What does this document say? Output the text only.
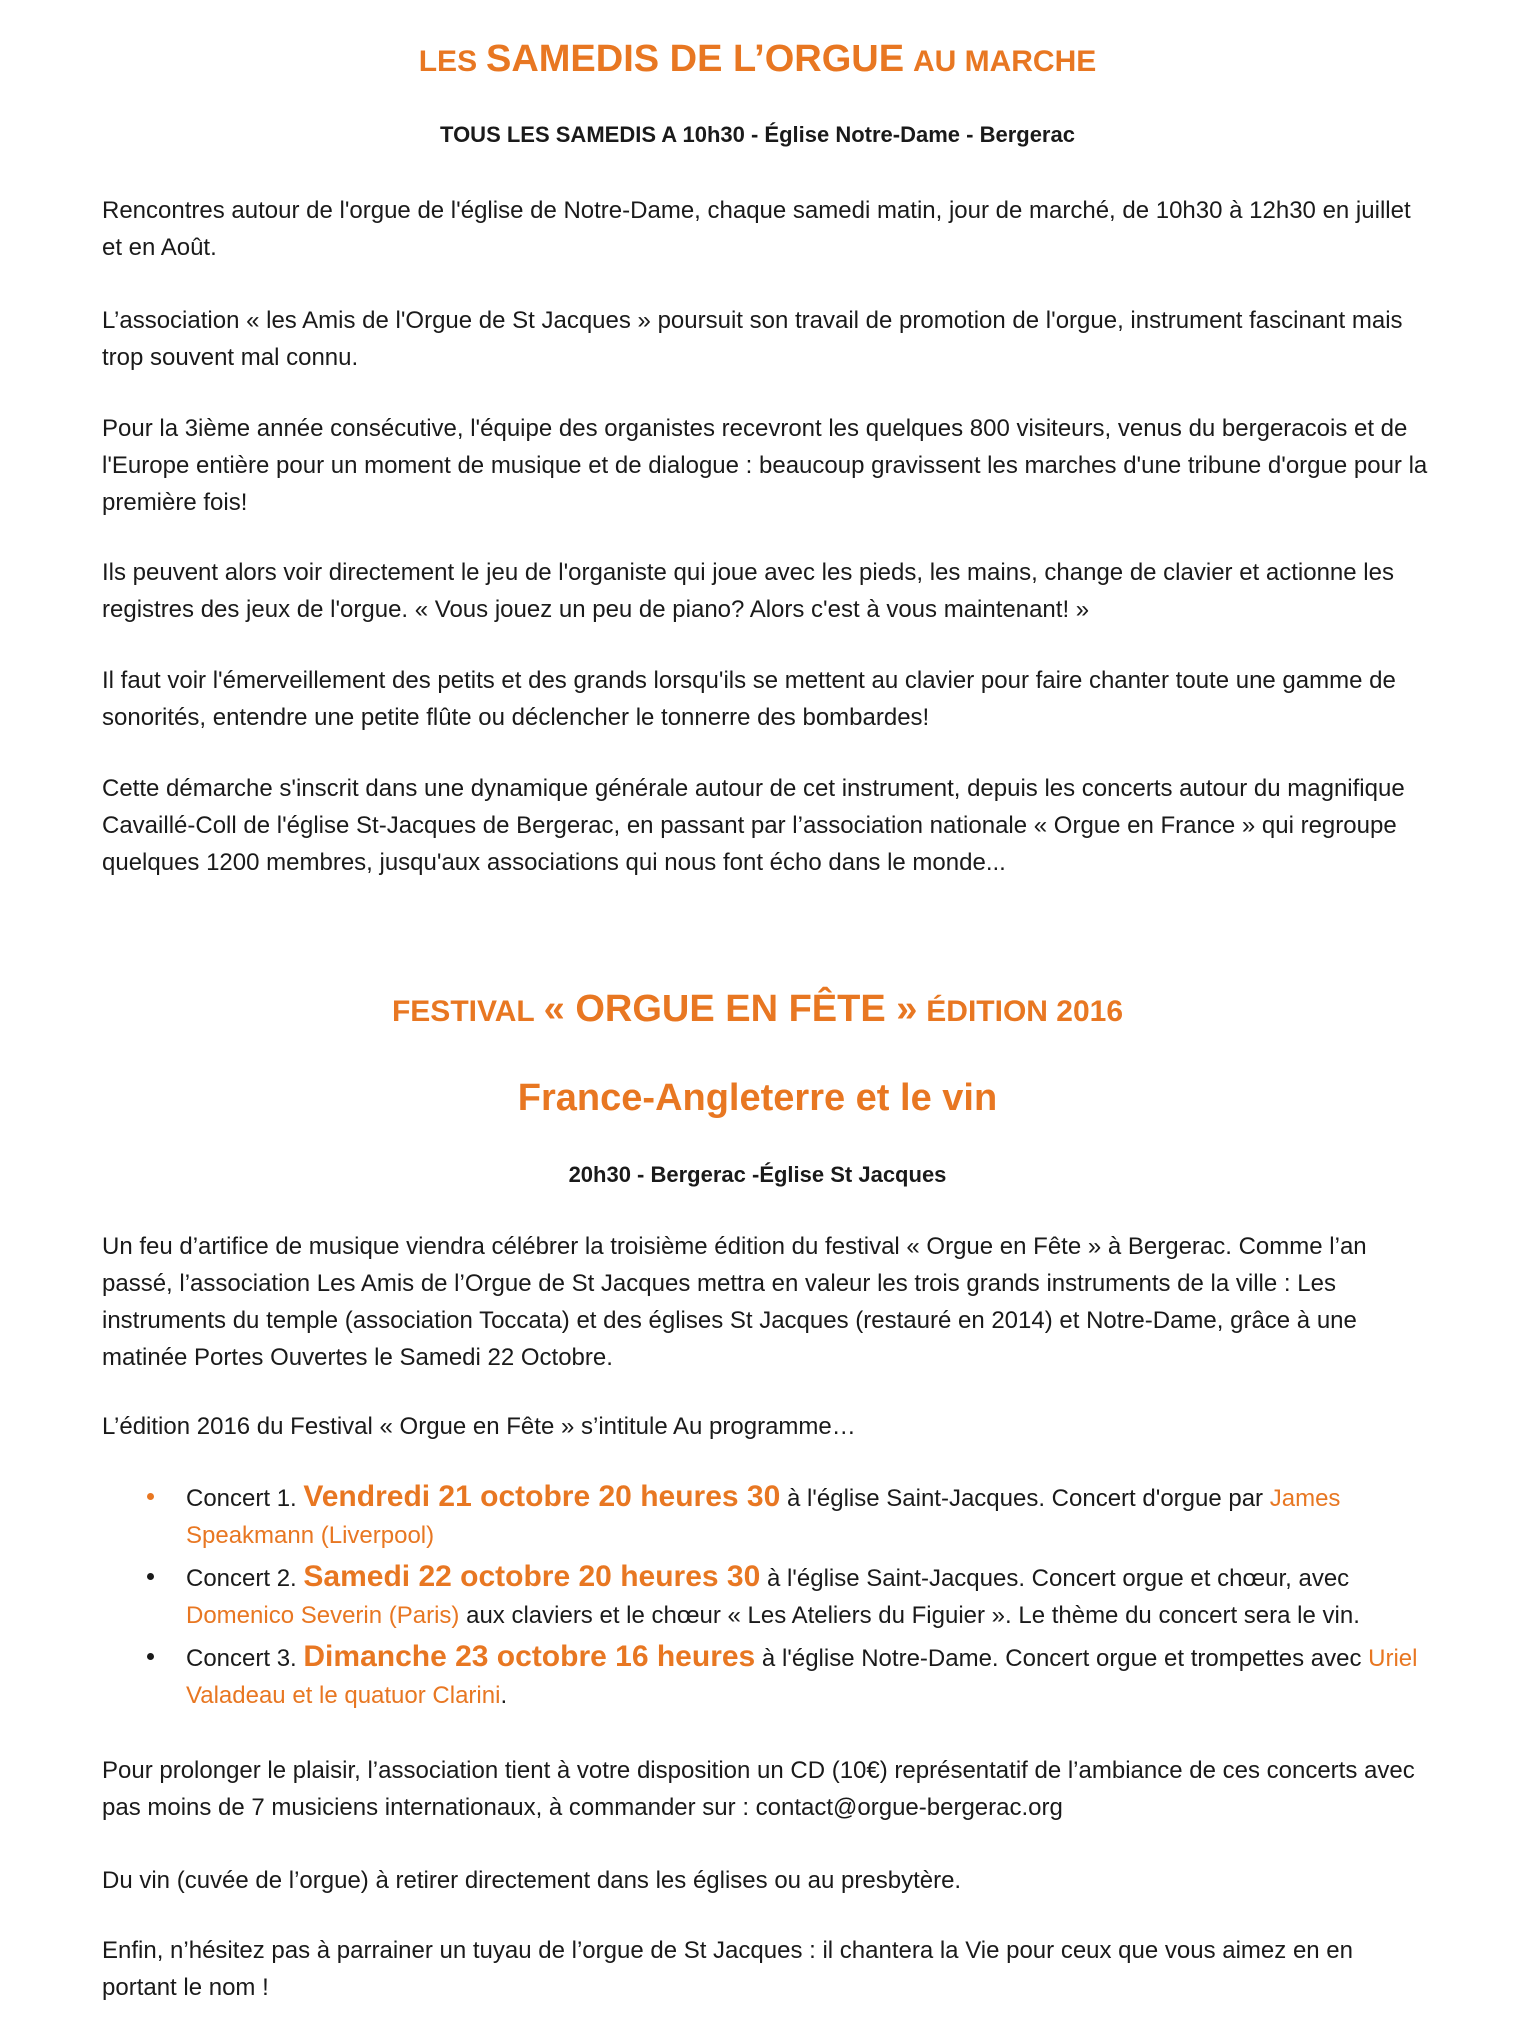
LES SAMEDIS DE L’ORGUE AU MARCHE

TOUS LES SAMEDIS A 10h30 - Église Notre-Dame - Bergerac

Rencontres autour de l'orgue de l'église de Notre-Dame, chaque samedi matin, jour de marché, de 10h30 à 12h30 en juillet et en Août.

L’association « les Amis de l'Orgue de St Jacques » poursuit son travail de promotion de l'orgue, instrument fascinant mais trop souvent mal connu.

Pour la 3ième année consécutive, l'équipe des organistes recevront les quelques 800 visiteurs, venus du bergeracois et de l'Europe entière pour un moment de musique et de dialogue : beaucoup gravissent les marches d'une tribune d'orgue pour la première fois!

Ils peuvent alors voir directement le jeu de l'organiste qui joue avec les pieds, les mains, change de clavier et actionne les registres des jeux de l'orgue. « Vous jouez un peu de piano? Alors c'est à vous maintenant! »

Il faut voir l'émerveillement des petits et des grands lorsqu'ils se mettent au clavier pour faire chanter toute une gamme de sonorités, entendre une petite flûte ou déclencher le tonnerre des bombardes!

Cette démarche s'inscrit dans une dynamique générale autour de cet instrument, depuis les concerts autour du magnifique Cavaillé-Coll de l'église St-Jacques de Bergerac, en passant par l’association nationale « Orgue en France » qui regroupe quelques 1200 membres, jusqu'aux associations qui nous font écho dans le monde...

FESTIVAL « ORGUE EN FÊTE » ÉDITION 2016
France-Angleterre et le vin

20h30 - Bergerac -Église St Jacques

Un feu d’artifice de musique viendra célébrer la troisième édition du festival « Orgue en Fête » à Bergerac. Comme l’an passé, l’association Les Amis de l’Orgue de St Jacques mettra en valeur les trois grands instruments de la ville : Les instruments du temple (association Toccata) et des églises St Jacques (restauré en 2014) et Notre-Dame, grâce à une matinée Portes Ouvertes le Samedi 22 Octobre.

L’édition 2016 du Festival « Orgue en Fête » s’intitule Au programme…

Concert 1. Vendredi 21 octobre 20 heures 30 à l'église Saint-Jacques. Concert d'orgue par James Speakmann (Liverpool)
Concert 2. Samedi 22 octobre 20 heures 30 à l'église Saint-Jacques. Concert orgue et chœur, avec Domenico Severin (Paris) aux claviers et le chœur « Les Ateliers du Figuier ». Le thème du concert sera le vin.
Concert 3. Dimanche 23 octobre 16 heures à l'église Notre-Dame. Concert orgue et trompettes avec Uriel Valadeau et le quatuor Clarini.

Pour prolonger le plaisir, l’association tient à votre disposition un CD (10€) représentatif de l’ambiance de ces concerts avec pas moins de 7 musiciens internationaux, à commander sur : contact@orgue-bergerac.org

Du vin (cuvée de l’orgue) à retirer directement dans les églises ou au presbytère.

Enfin, n’hésitez pas à parrainer un tuyau de l’orgue de St Jacques : il chantera la Vie pour ceux que vous aimez en en portant le nom !
